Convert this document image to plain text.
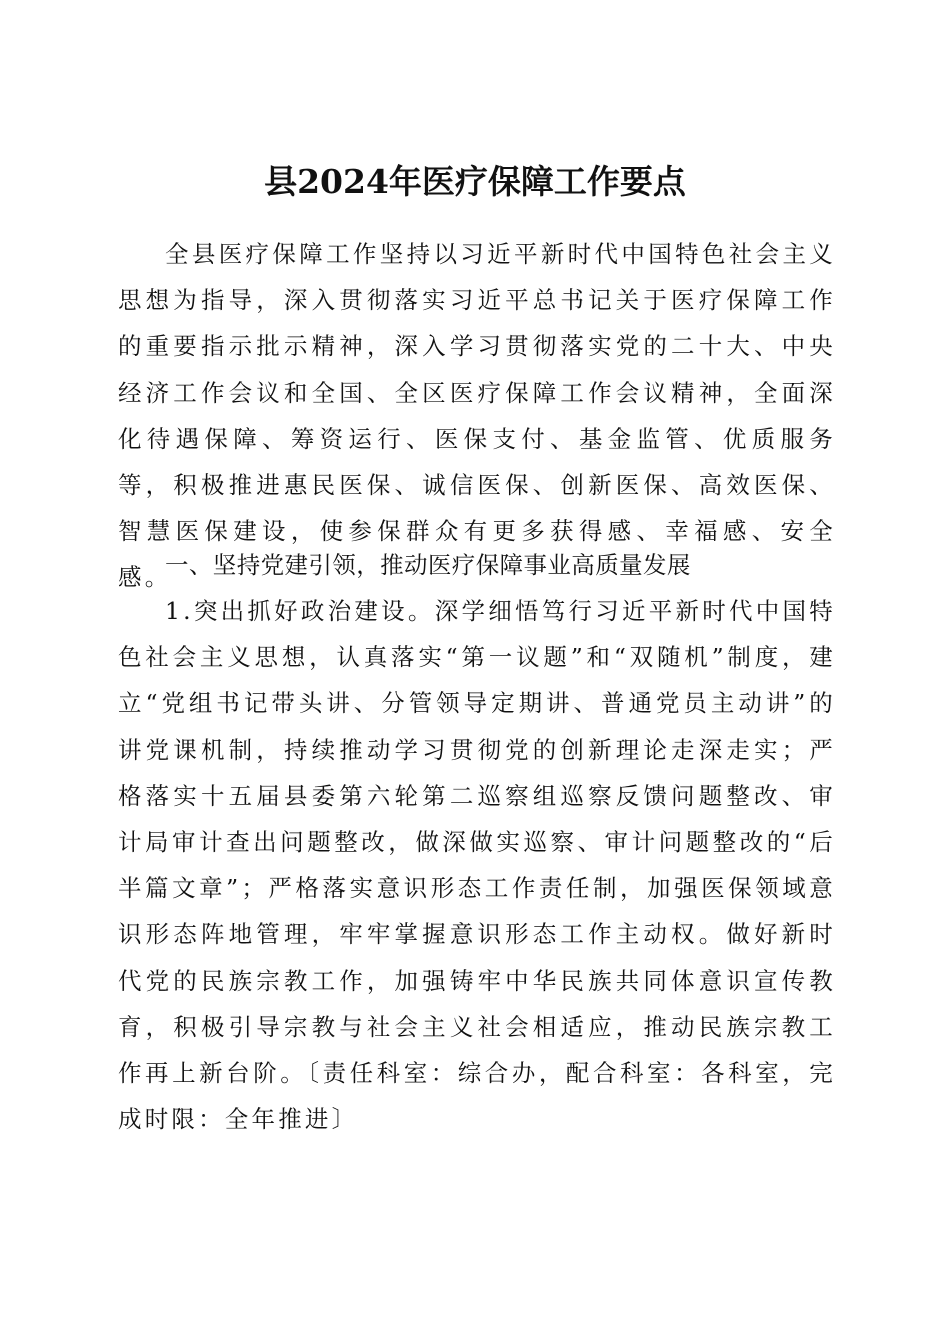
县2024年医疗保障工作要点

全县医疗保障工作坚持以习近平新时代中国特色社会主义思想为指导，深入贯彻落实习近平总书记关于医疗保障工作的重要指示批示精神，深入学习贯彻落实党的二十大、中央经济工作会议和全国、全区医疗保障工作会议精神，全面深化待遇保障、筹资运行、医保支付、基金监管、优质服务等，积极推进惠民医保、诚信医保、创新医保、高效医保、智慧医保建设，使参保群众有更多获得感、幸福感、安全感。

一、坚持党建引领，推动医疗保障事业高质量发展

1.突出抓好政治建设。深学细悟笃行习近平新时代中国特色社会主义思想，认真落实“第一议题”和“双随机”制度，建立“党组书记带头讲、分管领导定期讲、普通党员主动讲”的讲党课机制，持续推动学习贯彻党的创新理论走深走实；严格落实十五届县委第六轮第二巡察组巡察反馈问题整改、审计局审计查出问题整改，做深做实巡察、审计问题整改的“后半篇文章”；严格落实意识形态工作责任制，加强医保领域意识形态阵地管理，牢牢掌握意识形态工作主动权。做好新时代党的民族宗教工作，加强铸牢中华民族共同体意识宣传教育，积极引导宗教与社会主义社会相适应，推动民族宗教工作再上新台阶。〔责任科室：综合办，配合科室：各科室，完成时限：全年推进〕
